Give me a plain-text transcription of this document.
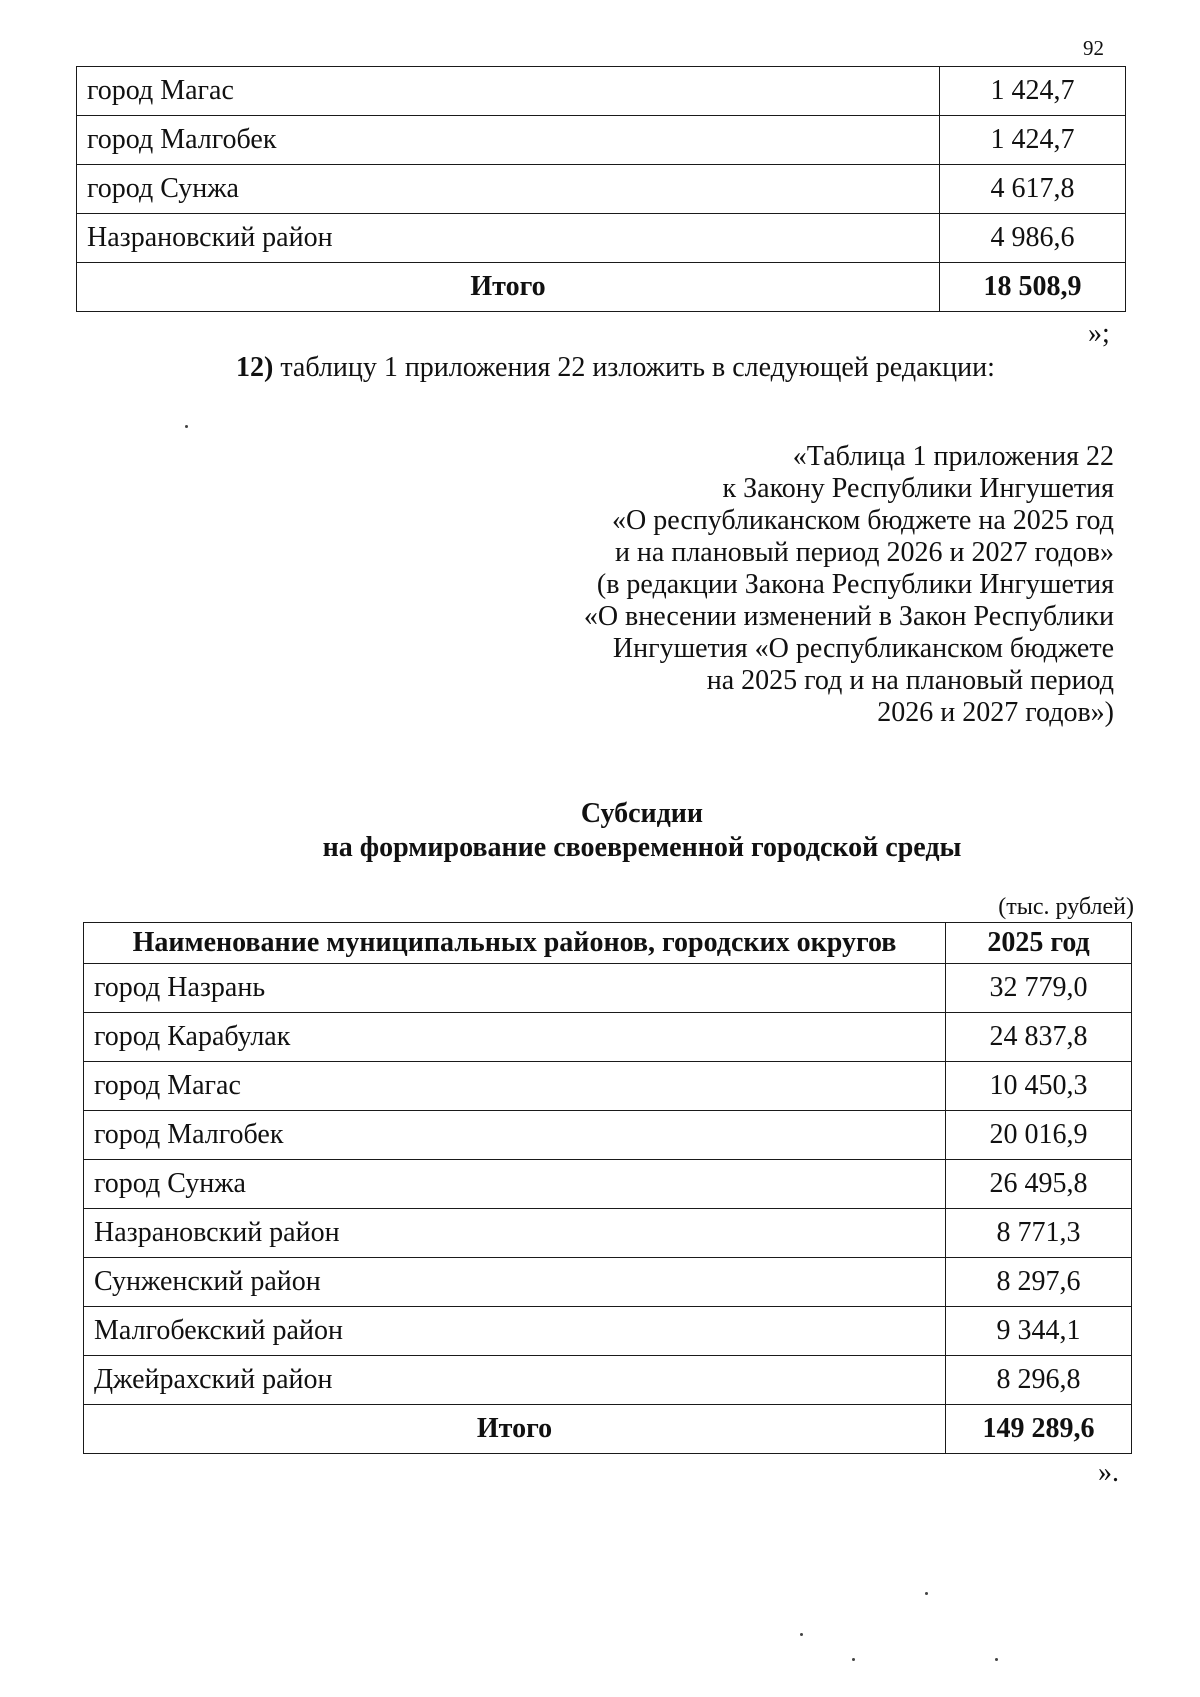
92
город Магас	1 424,7
город Малгобек	1 424,7
город Сунжа	4 617,8
Назрановский район	4 986,6
Итого	18 508,9
»;
12) таблицу 1 приложения 22 изложить в следующей редакции:
«Таблица 1 приложения 22
к Закону Республики Ингушетия
«О республиканском бюджете на 2025 год
и на плановый период 2026 и 2027 годов»
(в редакции Закона Республики Ингушетия
«О внесении изменений в Закон Республики
Ингушетия «О республиканском бюджете
на 2025 год и на плановый период
2026 и 2027 годов»)
Субсидии
на формирование своевременной городской среды
(тыс. рублей)
Наименование муниципальных районов, городских округов	2025 год
город Назрань	32 779,0
город Карабулак	24 837,8
город Магас	10 450,3
город Малгобек	20 016,9
город Сунжа	26 495,8
Назрановский район	8 771,3
Сунженский район	8 297,6
Малгобекский район	9 344,1
Джейрахский район	8 296,8
Итого	149 289,6
».
